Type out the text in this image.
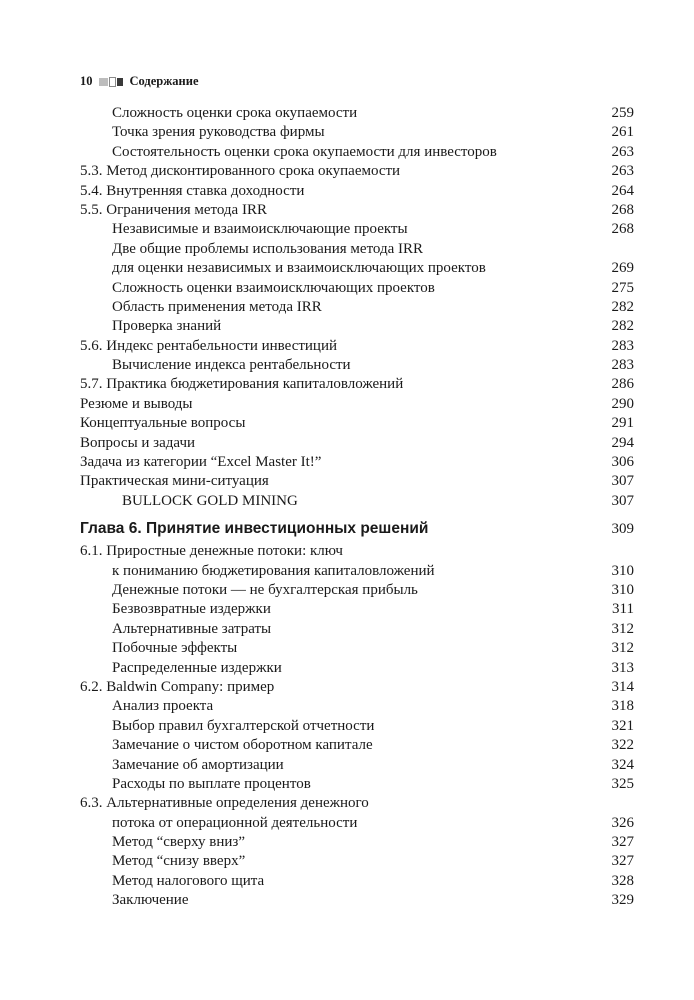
10	Содержание
Сложность оценки срока окупаемости	259
Точка зрения руководства фирмы	261
Состоятельность оценки срока окупаемости для инвесторов	263
5.3. Метод дисконтированного срока окупаемости	263
5.4. Внутренняя ставка доходности	264
5.5. Ограничения метода IRR	268
Независимые и взаимоисключающие проекты	268
Две общие проблемы использования метода IRR
для оценки независимых и взаимоисключающих проектов	269
Сложность оценки взаимоисключающих проектов	275
Область применения метода IRR	282
Проверка знаний	282
5.6. Индекс рентабельности инвестиций	283
Вычисление индекса рентабельности	283
5.7. Практика бюджетирования капиталовложений	286
Резюме и выводы	290
Концептуальные вопросы	291
Вопросы и задачи	294
Задача из категории “Excel Master It!”	306
Практическая мини-ситуация	307
BULLOCK GOLD MINING	307
Глава 6. Принятие инвестиционных решений	309
6.1. Приростные денежные потоки: ключ
к пониманию бюджетирования капиталовложений	310
Денежные потоки — не бухгалтерская прибыль	310
Безвозвратные издержки	311
Альтернативные затраты	312
Побочные эффекты	312
Распределенные издержки	313
6.2. Baldwin Company: пример	314
Анализ проекта	318
Выбор правил бухгалтерской отчетности	321
Замечание о чистом оборотном капитале	322
Замечание об амортизации	324
Расходы по выплате процентов	325
6.3. Альтернативные определения денежного
потока от операционной деятельности	326
Метод “сверху вниз”	327
Метод “снизу вверх”	327
Метод налогового щита	328
Заключение	329
